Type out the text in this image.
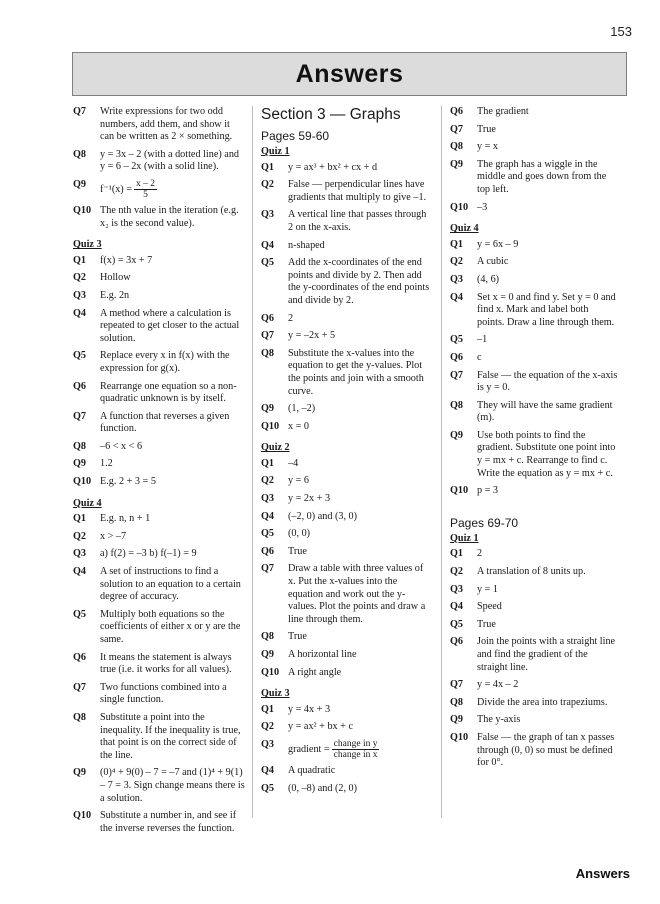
153
Answers
Q7	Write expressions for two odd numbers, add them, and show it can be written as 2 × something.
Q8	y = 3x – 2 (with a dotted line) and y = 6 – 2x (with a solid line).
Q9	$f^{-1}(x) = \frac{x - 2}{5}$
Q10 The nth value in the iteration (e.g. x₂ is the second value).
Quiz 3
Q1	f(x) = 3x + 7
Q2	Hollow
Q3	E.g. 2n
Q4	A method where a calculation is repeated to get closer to the actual solution.
Q5	Replace every x in f(x) with the expression for g(x).
Q6	Rearrange one equation so a non-quadratic unknown is by itself.
Q7	A function that reverses a given function.
Q8	–6 < x < 6
Q9	1.2
Q10 E.g. 2 + 3 = 5
Quiz 4
Q1	E.g. n, n + 1
Q2	x > –7
Q3	a) f(2) = –3 b) f(–1) = 9
Q4	A set of instructions to find a solution to an equation to a certain degree of accuracy.
Q5	Multiply both equations so the coefficients of either x or y are the same.
Q6	It means the statement is always true (i.e. it works for all values).
Q7	Two functions combined into a single function.
Q8	Substitute a point into the inequality. If the inequality is true, that point is on the correct side of the line.
Q9	(0)⁴ + 9(0) – 7 = –7 and (1)⁴ + 9(1) – 7 = 3. Sign change means there is a solution.
Q10 Substitute a number in, and see if the inverse reverses the function.
Section 3 — Graphs
Pages 59-60
Quiz 1
Q1	y = ax³ + bx² + cx + d
Q2	False — perpendicular lines have gradients that multiply to give –1.
Q3	A vertical line that passes through 2 on the x-axis.
Q4	n-shaped
Q5	Add the x-coordinates of the end points and divide by 2. Then add the y-coordinates of the end points and divide by 2.
Q6	2
Q7	y = –2x + 5
Q8	Substitute the x-values into the equation to get the y-values. Plot the points and join with a smooth curve.
Q9	(1, –2)
Q10 x = 0
Quiz 2
Q1	–4
Q2	y = 6
Q3	y = 2x + 3
Q4	(–2, 0) and (3, 0)
Q5	(0, 0)
Q6	True
Q7	Draw a table with three values of x. Put the x-values into the equation and work out the y-values. Plot the points and draw a line through them.
Q8	True
Q9	A horizontal line
Q10 A right angle
Quiz 3
Q1	y = 4x + 3
Q2	y = ax² + bx + c
Q3	gradient = $\frac{\text{change in y}}{\text{change in x}}$
Q4	A quadratic
Q5	(0, –8) and (2, 0)
Q6	The gradient
Q7	True
Q8	y = x
Q9	The graph has a wiggle in the middle and goes down from the top left.
Q10 –3
Quiz 4
Q1	y = 6x – 9
Q2	A cubic
Q3	(4, 6)
Q4	Set x = 0 and find y. Set y = 0 and find x. Mark and label both points. Draw a line through them.
Q5	–1
Q6	c
Q7	False — the equation of the x-axis is y = 0.
Q8	They will have the same gradient (m).
Q9	Use both points to find the gradient. Substitute one point into y = mx + c. Rearrange to find c. Write the equation as y = mx + c.
Q10 p = 3
Pages 69-70
Quiz 1
Q1	2
Q2	A translation of 8 units up.
Q3	y = 1
Q4	Speed
Q5	True
Q6	Join the points with a straight line and find the gradient of the straight line.
Q7	y = 4x – 2
Q8	Divide the area into trapeziums.
Q9	The y-axis
Q10 False — the graph of tan x passes through (0, 0) so must be defined for 0°.
Answers
